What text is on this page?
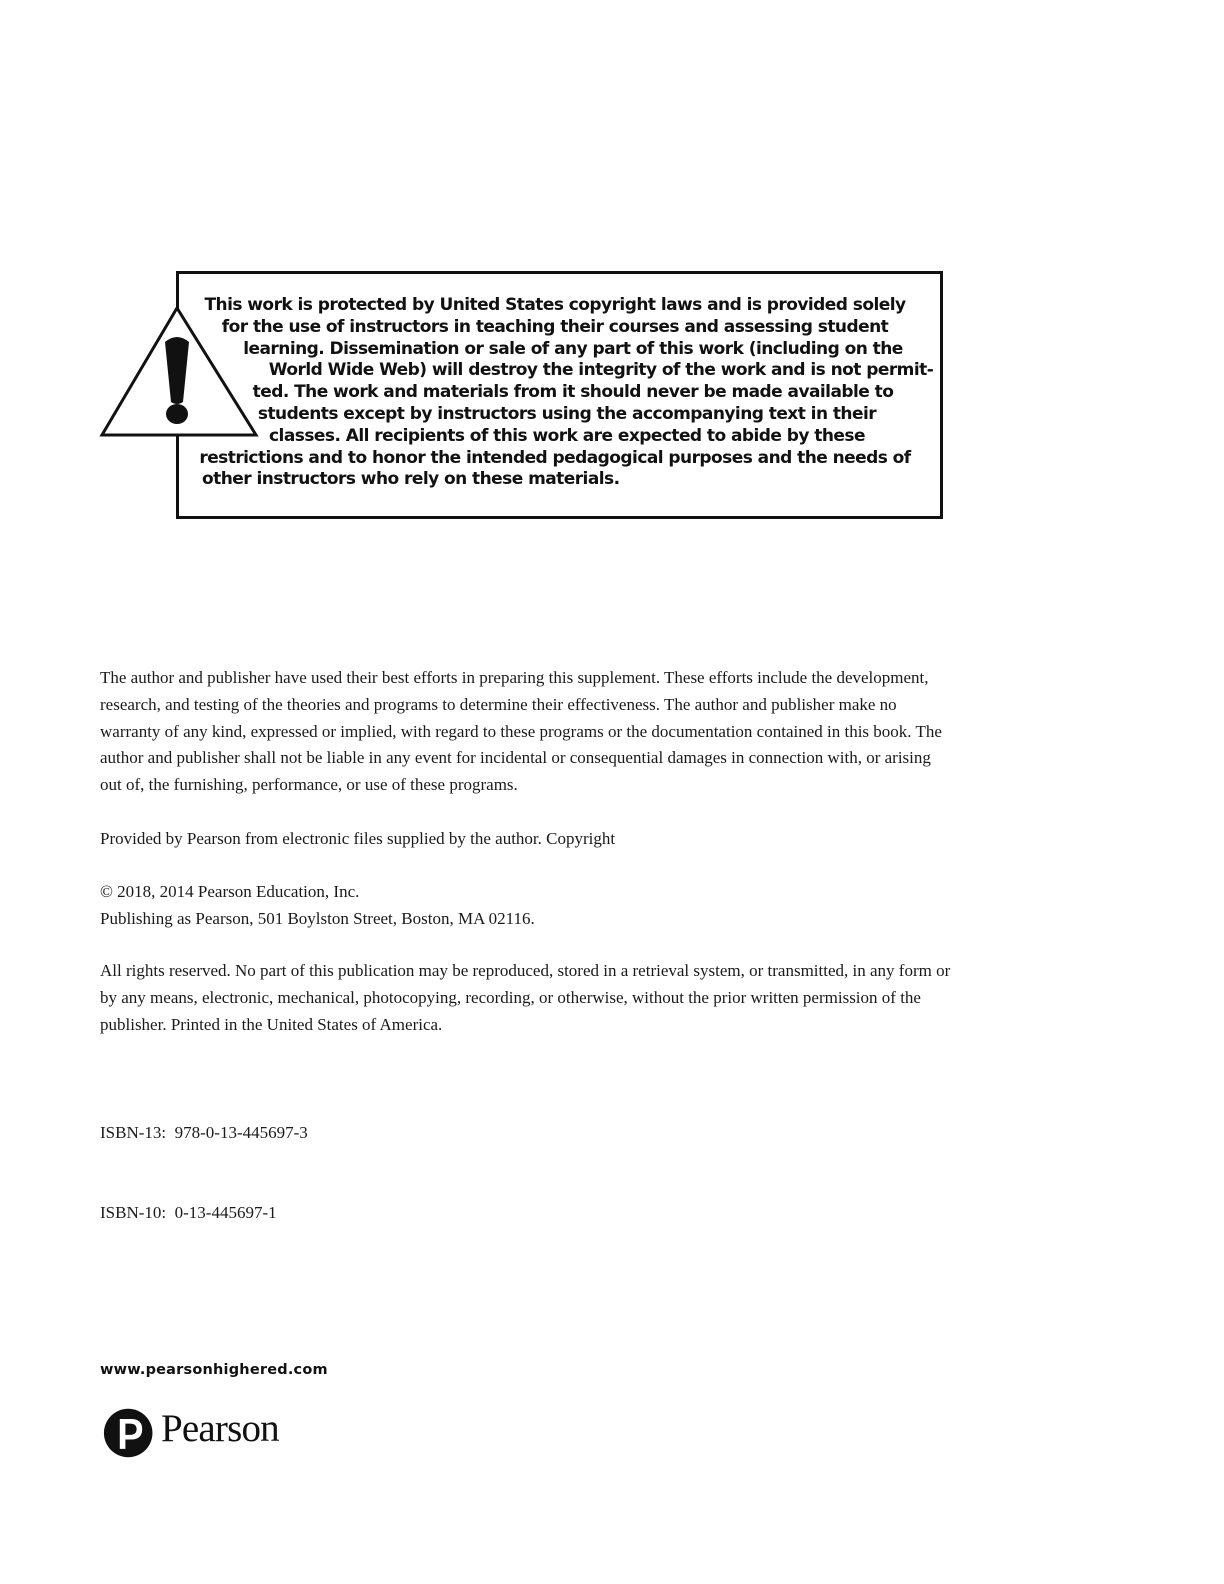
This work is protected by United States copyright laws and is provided solely
for the use of instructors in teaching their courses and assessing student
learning. Dissemination or sale of any part of this work (including on the
World Wide Web) will destroy the integrity of the work and is not permit-
ted. The work and materials from it should never be made available to
students except by instructors using the accompanying text in their
classes. All recipients of this work are expected to abide by these
restrictions and to honor the intended pedagogical purposes and the needs of
other instructors who rely on these materials.
The author and publisher have used their best efforts in preparing this supplement. These efforts include the development,
research, and testing of the theories and programs to determine their effectiveness. The author and publisher make no
warranty of any kind, expressed or implied, with regard to these programs or the documentation contained in this book. The
author and publisher shall not be liable in any event for incidental or consequential damages in connection with, or arising
out of, the furnishing, performance, or use of these programs.
Provided by Pearson from electronic files supplied by the author. Copyright
© 2018, 2014 Pearson Education, Inc.
Publishing as Pearson, 501 Boylston Street, Boston, MA 02116.
All rights reserved. No part of this publication may be reproduced, stored in a retrieval system, or transmitted, in any form or
by any means, electronic, mechanical, photocopying, recording, or otherwise, without the prior written permission of the
publisher. Printed in the United States of America.

ISBN-13:  978-0-13-445697-3

ISBN-10:  0-13-445697-1

www.pearsonhighered.com
Pearson
